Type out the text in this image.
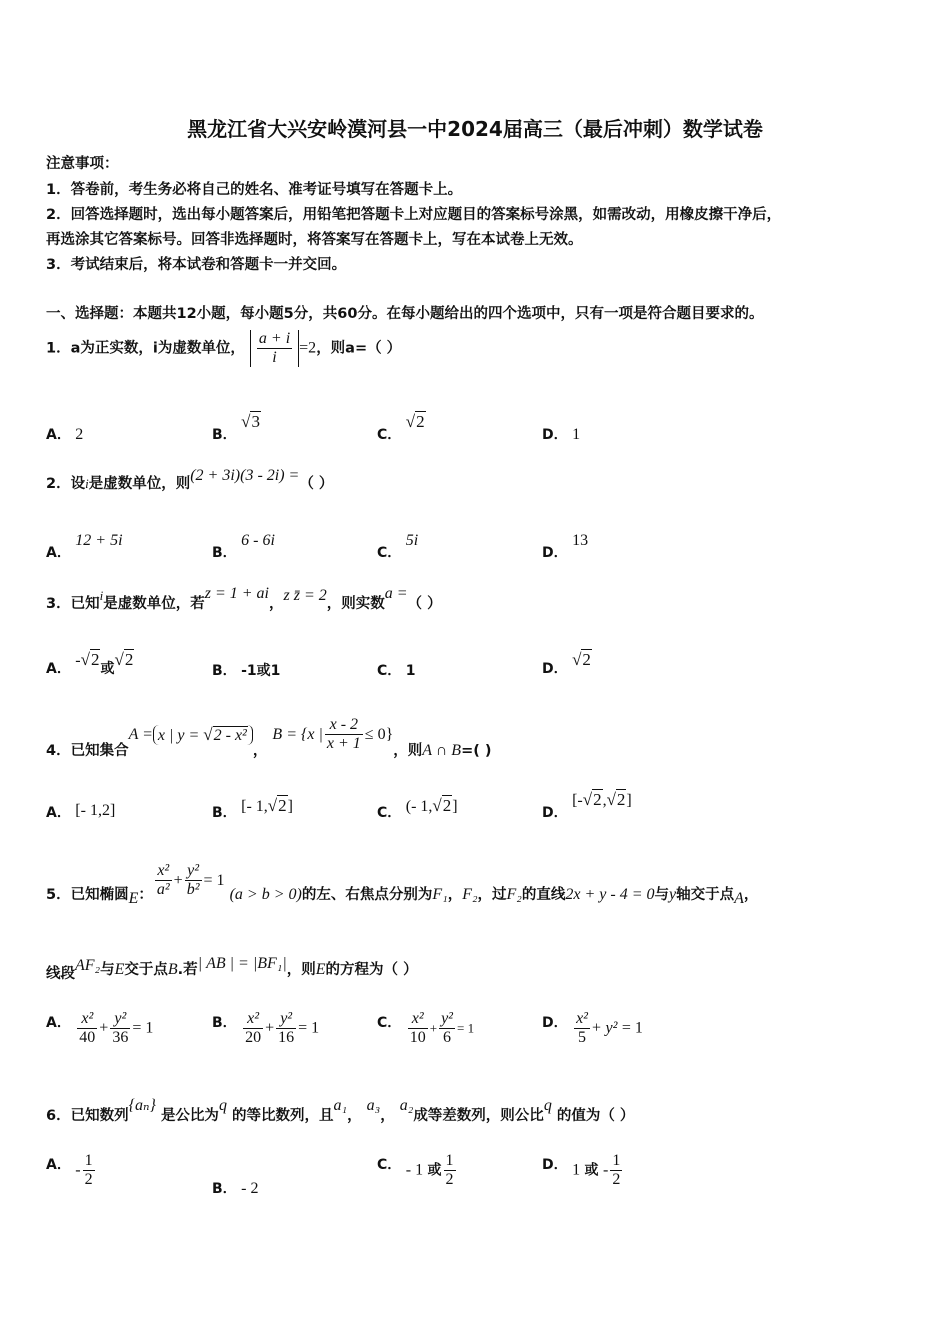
黑龙江省大兴安岭漠河县一中2024届高三（最后冲刺）数学试卷
注意事项：
1．答卷前，考生务必将自己的姓名、准考证号填写在答题卡上。
2．回答选择题时，选出每小题答案后，用铅笔把答题卡上对应题目的答案标号涂黑，如需改动，用橡皮擦干净后，
再选涂其它答案标号。回答非选择题时，将答案写在答题卡上，写在本试卷上无效。
3．考试结束后，将本试卷和答题卡一并交回。
一、选择题：本题共12小题，每小题5分，共60分。在每小题给出的四个选项中，只有一项是符合题目要求的。
1．a为正实数，i为虚数单位， $\frac{a + i}{i} =2$，则a=（ ）
A． 2	B． √3
C． √2
D． 1
2．设i是虚数单位，则(2 + 3i)(3 - 2i) =（ ）
A． 12 + 5i
B． 6 - 6i
C． 5i
D． 13
3．已知i是虚数单位，若z = 1 + ai，z z̄ = 2，则实数a =（ ）
A． -√2或√2
B． -1或1	C． 1	D． √2
4．已知集合A = x | y = √2 - x²， B = {x | $\frac{x - 2}{x + 1} \le 0$}，则A ∩ B=( )
A． [- 1,2]	B． [- 1,√2]	C． (- 1,√2]	D． [-√2,√2]
5．已知椭圆E： $\frac{\text{x²}}{\text{a²}} + \frac{\text{y²}}{\text{b²}} = 1$ (a > b > 0)的左、右焦点分别为F₁，F₂，过F₂的直线2x + y - 4 = 0与y轴交于点A，
线段AF₂与E交于点B.若| AB | = |BF₁|，则E的方程为（ ）
A． $\frac{\text{x²}}{40} + \frac{\text{y²}}{36} = 1$	B． $\frac{\text{x²}}{20} + \frac{\text{y²}}{16} = 1$	C． $\frac{\text{x²}}{10} + \frac{\text{y²}}{6} = 1$	D． $\frac{\text{x²}}{5} + y^2 = 1$
6．已知数列{aₙ} 是公比为q 的等比数列，且a₁， a₃， a₂成等差数列，则公比q 的值为（ ）
A． - $\frac{1}{2}$	B． - 2
C． - 1 或 $\frac{1}{2}$	D． 1 或 - $\frac{1}{2}$
